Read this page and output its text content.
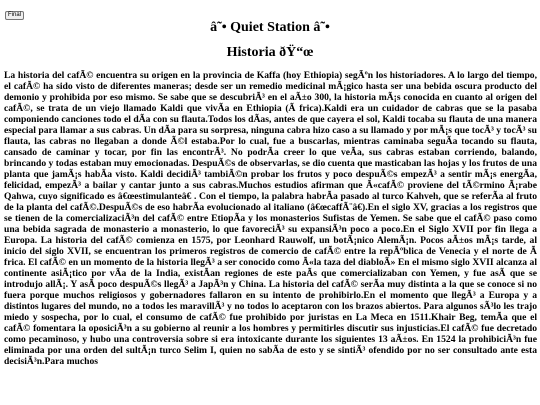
Final
â˜• Quiet Station â˜•
Historia ðŸ“œ

La historia del cafÃ© encuentra su origen en la provincia de Kaffa (hoy Ethiopia) segÃºn los historiadores. A lo largo del tiempo, el cafÃ© ha sido visto de diferentes maneras; desde ser un remedio medicinal mÃ¡gico hasta ser una bebida oscura producto del demonio y prohibida por eso mismo. Se sabe que se descubriÃ³ en el aÃ±o 300, la historia mÃ¡s conocida en cuanto al origen del cafÃ©, se trata de un viejo llamado Kaldi que vivÃa en Ethiopia (Ã frica).Kaldi era un cuidador de cabras que se la pasaba componiendo canciones todo el dÃa con su flauta.Todos los dÃas, antes de que cayera el sol, Kaldi tocaba su flauta de una manera especial para llamar a sus cabras. Un dÃa para su sorpresa, ninguna cabra hizo caso a su llamado y por mÃ¡s que tocÃ³ y tocÃ³ su flauta, las cabras no llegaban a donde Ã©l estaba.Por lo cual, fue a buscarlas, mientras caminaba seguÃa tocando su flauta, cansado de caminar y tocar, por fin las encontrÃ³. No podrÃa creer lo que veÃa, sus cabras estaban corriendo, balando, brincando y todas estaban muy emocionadas. DespuÃ©s de observarlas, se dio cuenta que masticaban las hojas y los frutos de una planta que jamÃ¡s habÃa visto. Kaldi decidiÃ³ tambiÃ©n probar los frutos y poco despuÃ©s empezÃ³ a sentir mÃ¡s energÃa, felicidad, empezÃ³ a bailar y cantar junto a sus cabras.Muchos estudios afirman que Ã«cafÃ© proviene del tÃ©rmino Ã¡rabe Qahwa, cuyo significado es â€œestimulanteâ€ . Con el tiempo, la palabra habrÃa pasado al turco Kahveh, que se referÃa al fruto de la planta del cafÃ©.DespuÃ©s de eso habrÃa evolucionado al italiano (â€œcaffÃ¨â€).En el siglo XV, gracias a los registros que se tienen de la comercializaciÃ³n del cafÃ© entre EtiopÃa y los monasterios Sufistas de Yemen. Se sabe que el cafÃ© paso como una bebida sagrada de monasterio a monasterio, lo que favoreciÃ³ su expansiÃ³n poco a poco.En el Siglo XVII por fin llega a Europa. La historia del cafÃ© comienza en 1575, por Leonhard Rauwolf, un botÃ¡nico AlemÃ¡n. Pocos aÃ±os mÃ¡s tarde, al inicio del siglo XVII, se encuentran los primeros registros de comercio de cafÃ© entre la repÃºblica de Venecia y el norte de Ã frica. El cafÃ© en un momento de la historia llegÃ³ a ser conocido como Ã«la taza del diabloÃ» En el mismo siglo XVII alcanza al continente asiÃ¡tico por vÃa de la India, existÃan regiones de este paÃs que comercializaban con Yemen, y fue asÃ que se introdujo allÃ¡. Y asÃ poco despuÃ©s llegÃ³ a JapÃ³n y China. La historia del cafÃ© serÃa muy distinta a la que se conoce si no fuera porque muchos religiosos y gobernadores fallaron en su intento de prohibirlo.En el momento que llegÃ³ a Europa y a distintos lugares del mundo, no a todos les maravillÃ³ y no todos lo aceptaron con los brazos abiertos. Para algunos sÃ³lo les trajo miedo y sospecha, por lo cual, el consumo de cafÃ© fue prohibido por juristas en La Meca en 1511.Khair Beg, temÃa que el cafÃ© fomentara la oposiciÃ³n a su gobierno al reunir a los hombres y permitirles discutir sus injusticias.El cafÃ© fue decretado como pecaminoso, y hubo una controversia sobre si era intoxicante durante los siguientes 13 aÃ±os. En 1524 la prohibiciÃ³n fue eliminada por una orden del sultÃ¡n turco Selim I, quien no sabÃa de esto y se sintiÃ³ ofendido por no ser consultado ante esta decisiÃ³n.Para muchos
